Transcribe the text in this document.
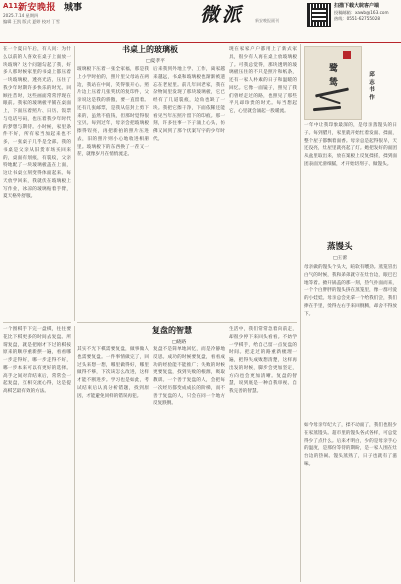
A11 新安晚报 城事
2025.7.14 星期四
编辑 王凯 版式 夏婷 校对 丁雪	微派	新安晚报副刊
扫描下载大皖客户端
投稿邮箱：xawb@163.com
热线：0551-62755028
书桌上的玻璃板
□夏孝平
在一个夏日午后，有人问：为什么以前的人喜欢在桌子上面放一块玻璃？这个问题勾起了我，好多人那时候家里的书桌上都压着一块玻璃板，透亮光洁，压住了我少年时期许多快乐的时光。回顾往昔时，这些画面常常浮现在眼前。我家的玻璃板平铺在桌面上，下面压着照片、日历、饭票与电话号码，也压着我少年时代的梦想与期待。小时候，家里条件不好，所有家当加起来也不多，一张桌子几乎是全部。我的书桌是父亲从旧货市场买回来的，桌面有划痕，有裂纹，父亲特地配了一块玻璃板盖在上面，这让书桌立刻变得体面起来。每天放学回来，我就伏在玻璃板上写作业，冰凉的玻璃贴着手臂，夏天格外舒服。
玻璃板下压着一张全家福，那是我上小学时拍的，照片里父母站在两边，我站在中间，笑得很开心。照片边上压着几张奖状的复印件，父亲说这是我的骄傲，要一直留着。还有几张邮票，是我从信封上剪下来的，虽然不值钱，但那时觉得很宝贝。每到过年，母亲会把玻璃板擦得锃亮，再把新拍的照片压进去，旧的照片则小心地收进相册里。玻璃板下的东西换了一茬又一茬，就像岁月在悄悄流走。
后来我到外地上学、工作，离家越来越远，书桌和玻璃板也渐渐被遗忘在老屋里。前几年回老家，我在杂物间里发现了那块玻璃板，它已经有了几道裂痕，边角也缺了一块。我把它擦干净，下面依稀还能看见当年压照片留下的印痕。那一刻，许多往事一下子涌上心头，仿佛又回到了那个伏案写字的少年时代。
现在家家户户都用上了新式家具，很少有人再在桌上放玻璃板了。可我总觉得，那块透明的玻璃板压住的不只是照片和纸条，还有一家人朴素的日子和温暖的回忆。它像一面镜子，照见了我们曾经走过的路，也照见了那些平凡却珍贵的时光。每当想起它，心里就会涌起一股暖流。
复盘的智慧
□晓路
一个围棋手下完一盘棋，往往要花比下棋更多的时间去复盘。所谓复盘，就是把刚才下过的棋按原来的顺序重新摆一遍，看看哪一步走得好，哪一步走得不好，哪一步本来可以有更好的选择。高手之间对弈结束后，常常会一起复盘，互相交流心得，这是提高棋艺最有效的方法。
其实不光下棋需要复盘，做事做人也需要复盘。一件事情做完了，回过头来想一想，哪里做得好，哪里做得不够，下次该怎么改进，这样才能不断进步。学习也是如此，考试结束后认真分析错题，找到原因，才能避免同样的错误再犯。
复盘不是简单地回忆，而是冷静地反思。成功的时候要复盘，看看成功的经验能不能推广；失败的时候更要复盘，找到失败的根源，吸取教训。一个善于复盘的人，会把每一次经历都变成成长的阶梯，而不善于复盘的人，只会在同一个地方反复跌倒。
生活中，我们常常急着向前走，却很少停下来回头看看。不妨学一学棋手，给自己留一点复盘的时间。把走过的路重新梳理一遍，把得失成败想清楚，这样再出发的时候，脚步会更加坚定，方向也会更加清晰。复盘的智慧，说到底是一种自我审视、自我完善的智慧。
鹭
鸶
邱志书作
一年中让我印象最深的，是母亲蒸馒头的日子。每到腊月，家里就开始忙着发面、揉面，整个屋子都飘着面香。母亲总是起得很早，天还没亮，灶屋里就亮起了灯。她把发好的面团从盆里取出来，放在案板上反复揉搓，揉到面团表面光滑细腻，才开始切剂子、做馒头。
蒸馒头
□王蕾
母亲做的馒头个头大，暄软有嚼劲。蒸笼冒出白气的时候，我和弟弟就守在灶台边，眼巴巴地等着。掀开锅盖的那一刻，热气扑面而来，一个个白胖胖的馒头挤在蒸笼里，像一群可爱的小娃娃。母亲总会先拿一个给我们尝，我们捧在手里，烫得左右手来回倒腾，却舍不得放下。
如今母亲年纪大了，揉不动面了，我们也很少在家蒸馒头。超市里的馒头各式各样，可总觉得少了点什么。后来才明白，少的是母亲手心的温度，是那份等待的期盼，是一家人围在灶台边的热闹。馒头蒸熟了，日子也就有了滋味。
